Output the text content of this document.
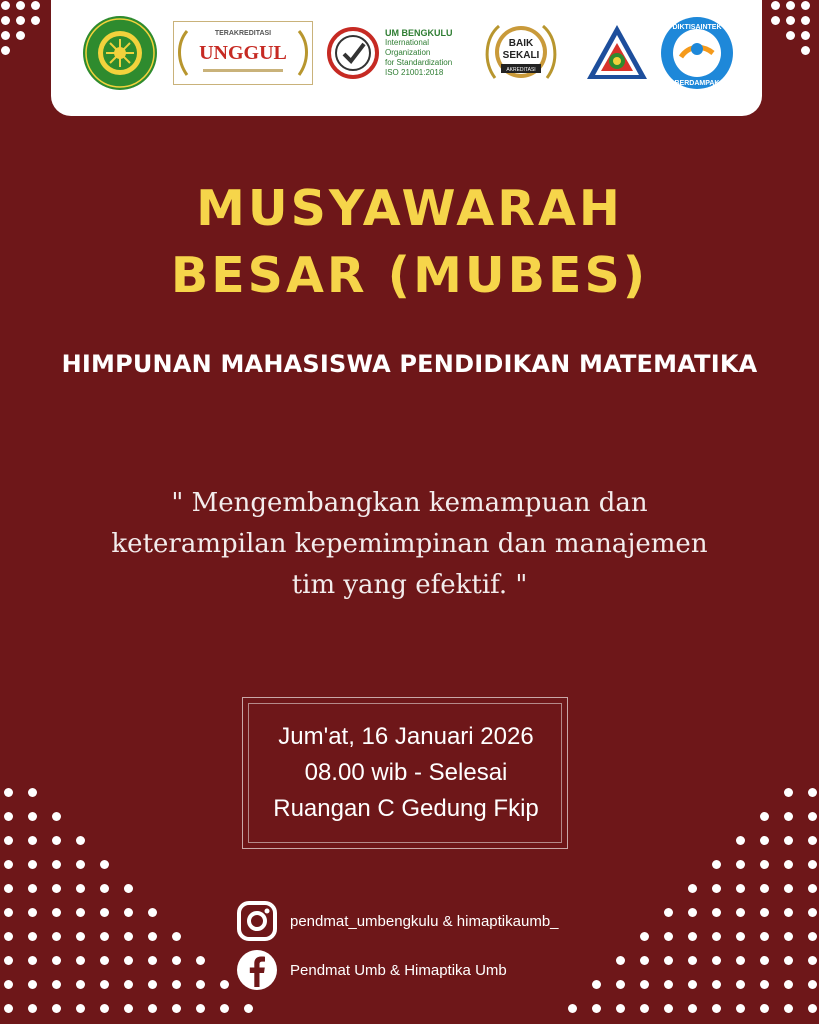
TERAKREDITASI
UNGGUL
UM BENGKULU
International
Organization
for Standardization
ISO 21001:2018
BAIK
SEKALI
AKREDITASI
DIKTISAINTEK
BERDAMPAK
MUSYAWARAH
BESAR (MUBES)
HIMPUNAN MAHASISWA PENDIDIKAN MATEMATIKA
" Mengembangkan kemampuan dan
keterampilan kepemimpinan dan manajemen
tim yang efektif. "
Jum'at, 16 Januari 2026
08.00 wib - Selesai
Ruangan C Gedung Fkip
pendmat_umbengkulu & himaptikaumb_
Pendmat Umb & Himaptika Umb
